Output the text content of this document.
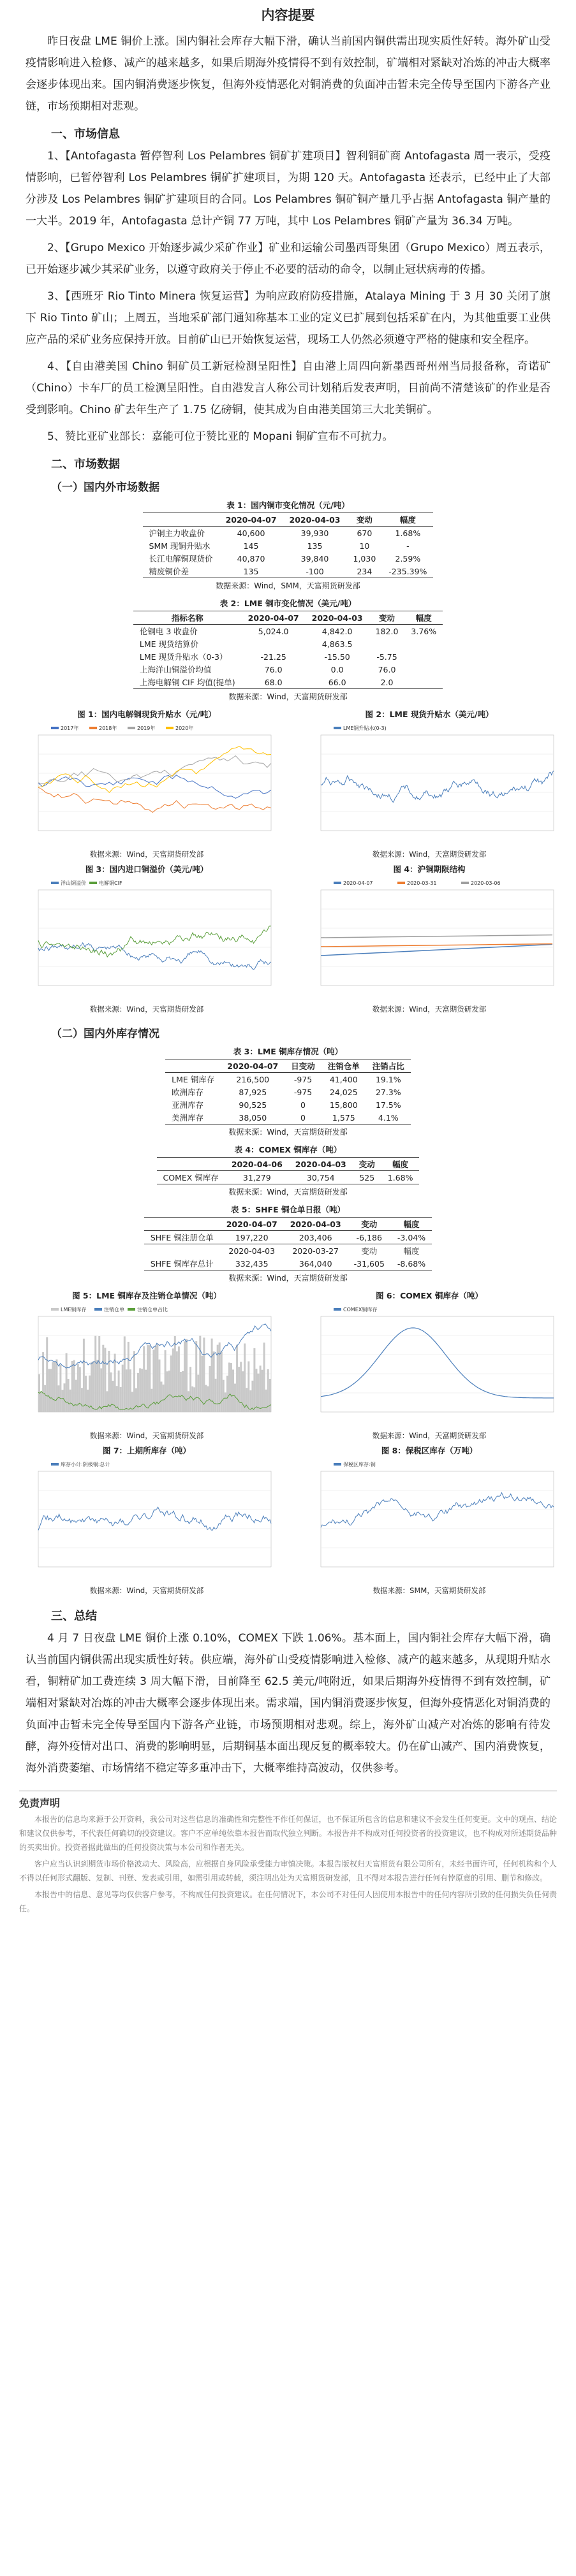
内容提要

昨日夜盘 LME 铜价上涨。国内铜社会库存大幅下滑，确认当前国内铜供需出现实质性好转。海外矿山受疫情影响进入检修、减产的越来越多，如果后期海外疫情得不到有效控制，矿端相对紧缺对冶炼的冲击大概率会逐步体现出来。国内铜消费逐步恢复，但海外疫情恶化对铜消费的负面冲击暂未完全传导至国内下游各产业链，市场预期相对悲观。

一、市场信息

1、【Antofagasta 暂停智利 Los Pelambres 铜矿扩建项目】智利铜矿商 Antofagasta 周一表示，受疫情影响，已暂停智利 Los Pelambres 铜矿扩建项目，为期 120 天。Antofagasta 还表示，已经中止了大部分涉及 Los Pelambres 铜矿扩建项目的合同。Los Pelambres 铜矿铜产量几乎占据 Antofagasta 铜产量的一大半。2019 年，Antofagasta 总计产铜 77 万吨，其中 Los Pelambres 铜矿产量为 36.34 万吨。

2、【Grupo Mexico 开始逐步减少采矿作业】矿业和运输公司墨西哥集团（Grupo Mexico）周五表示，已开始逐步减少其采矿业务，以遵守政府关于停止不必要的活动的命令，以制止冠状病毒的传播。

3、【西班牙 Rio Tinto Minera 恢复运营】为响应政府防疫措施，Atalaya Mining 于 3 月 30 关闭了旗下 Rio Tinto 矿山；上周五，当地采矿部门通知称基本工业的定义已扩展到包括采矿在内，为其他重要工业供应产品的采矿业务应保持开放。目前矿山已开始恢复运营，现场工人仍然必须遵守严格的健康和安全程序。

4、【自由港美国 Chino 铜矿员工新冠检测呈阳性】自由港上周四向新墨西哥州州当局报备称，奇诺矿（Chino）卡车厂的员工检测呈阳性。自由港发言人称公司计划稍后发表声明，目前尚不清楚该矿的作业是否受到影响。Chino 矿去年生产了 1.75 亿磅铜，使其成为自由港美国第三大北美铜矿。

5、赞比亚矿业部长：嘉能可位于赞比亚的 Mopani 铜矿宣布不可抗力。

二、市场数据
（一）国内外市场数据
表 1：国内铜市变化情况（元/吨）
	2020-04-07	2020-04-03	变动	幅度
沪铜主力收盘价	40,600	39,930	670	1.68%
SMM 现铜升贴水	145	135	10	-
长江电解铜现货价	40,870	39,840	1,030	2.59%
精废铜价差	135	-100	234	-235.39%
数据来源：Wind，SMM，天富期货研发部
表 2：LME 铜市变化情况（美元/吨）
指标名称	2020-04-07	2020-04-03	变动	幅度
伦铜电 3 收盘价	5,024.0	4,842.0	182.0	3.76%
LME 现货结算价		4,863.5		
LME 现货升贴水（0-3）	-21.25	-15.50	-5.75	
上海洋山铜溢价均值	76.0	0.0	76.0	
上海电解铜 CIF 均值(提单)	68.0	66.0	2.0	
数据来源：Wind，天富期货研发部
图 1：国内电解铜现货升贴水（元/吨）
2017年	2018年	2019年	2020年
数据来源：Wind，天富期货研发部
图 2：LME 现货升贴水（美元/吨）
LME铜升贴水(0-3)
数据来源：Wind，天富期货研发部
图 3：国内进口铜溢价（美元/吨）
洋山铜溢价	电解铜CIF
数据来源：Wind，天富期货研发部
图 4：沪铜期限结构
2020-04-07	2020-03-31	2020-03-06
数据来源：Wind，天富期货研发部
（二）国内外库存情况
表 3：LME 铜库存情况（吨）
	2020-04-07	日变动	注销仓单	注销占比
LME 铜库存	216,500	-975	41,400	19.1%
欧洲库存	87,925	-975	24,025	27.3%
亚洲库存	90,525	0	15,800	17.5%
美洲库存	38,050	0	1,575	4.1%
数据来源：Wind，天富期货研发部
表 4：COMEX 铜库存（吨）
	2020-04-06	2020-04-03	变动	幅度
COMEX 铜库存	31,279	30,754	525	1.68%
数据来源：Wind，天富期货研发部
表 5：SHFE 铜仓单日报（吨）
	2020-04-07	2020-04-03	变动	幅度
SHFE 铜注册仓单	197,220	203,406	-6,186	-3.04%
	2020-04-03	2020-03-27	变动	幅度
SHFE 铜库存总计	332,435	364,040	-31,605	-8.68%
数据来源：Wind，天富期货研发部
图 5：LME 铜库存及注销仓单情况（吨）
LME铜库存	注销仓单	注销仓单占比
数据来源：Wind，天富期货研发部
图 6：COMEX 铜库存（吨）
COMEX铜库存
数据来源：Wind，天富期货研发部
图 7：上期所库存（吨）
库存小计:阴极铜:总计
数据来源：Wind，天富期货研发部
图 8：保税区库存（万吨）
保税区库存:铜
数据来源：SMM，天富期货研发部
三、总结

4 月 7 日夜盘 LME 铜价上涨 0.10%，COMEX 下跌 1.06%。基本面上，国内铜社会库存大幅下滑，确认当前国内铜供需出现实质性好转。供应端，海外矿山受疫情影响进入检修、减产的越来越多，从现期升贴水看，铜精矿加工费连续 3 周大幅下滑，目前降至 62.5 美元/吨附近，如果后期海外疫情得不到有效控制，矿端相对紧缺对冶炼的冲击大概率会逐步体现出来。需求端，国内铜消费逐步恢复，但海外疫情恶化对铜消费的负面冲击暂未完全传导至国内下游各产业链，市场预期相对悲观。综上，海外矿山减产对冶炼的影响有待发酵，海外疫情对出口、消费的影响明显，后期铜基本面出现反复的概率较大。仍在矿山减产、国内消费恢复，海外消费萎缩、市场情绪不稳定等多重冲击下，大概率维持高波动，仅供参考。

免责声明

本报告的信息均来源于公开资料，我公司对这些信息的准确性和完整性不作任何保证，也不保证所包含的信息和建议不会发生任何变更。文中的观点、结论和建议仅供参考，不代表任何确切的投资建议。客户不应单纯依靠本报告而取代独立判断。本报告并不构成对任何投资者的投资建议，也不构成对所述期货品种的买卖出价。投资者据此做出的任何投资决策与本公司和作者无关。

客户应当认识到期货市场价格波动大、风险高，应根据自身风险承受能力审慎决策。本报告版权归天富期货有限公司所有，未经书面许可，任何机构和个人不得以任何形式翻版、复制、刊登、发表或引用，如需引用或转载，须注明出处为天富期货研发部，且不得对本报告进行任何有悖原意的引用、删节和修改。

本报告中的信息、意见等均仅供客户参考，不构成任何投资建议。在任何情况下，本公司不对任何人因使用本报告中的任何内容所引致的任何损失负任何责任。
